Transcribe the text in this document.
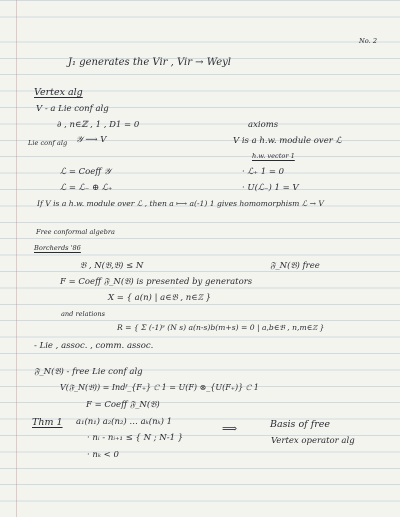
No. 2
J₁ generates the Vir , Vir → Weyl
Vertex alg
V - a Lie conf alg
∂ , n∈ℤ , 1 , D1 = 0	axioms
Lie conf alg 𝒴 ⟶ V	V is a h.w. module over ℒ
h.w. vector 1
ℒ = Coeff 𝒴	· ℒ₊ 1 = 0
ℒ = ℒ₋ ⊕ ℒ₊	· U(ℒ₋) 1 = V
If V is a h.w. module over ℒ , then a ⟼ a(-1) 1 gives homomorphism ℒ → V
Free conformal algebra
Borcherds '86
𝔅 , N(𝔅,𝔅) ≤ N	𝔉_N(𝔅) free
F = Coeff 𝔉_N(𝔅) is presented by generators
X = { a(n) | a∈𝔅 , n∈ℤ }
and relations
R = { Σ (-1)ˢ (N s) a(n-s)b(m+s) = 0 | a,b∈𝔅 , n,m∈ℤ }
- Lie , assoc. , comm. assoc.
𝔉_N(𝔅) - free Lie conf alg
V(𝔉_N(𝔅)) = Indᶠ_{F₊} ℂ 1 = U(F) ⊗_{U(F₊)} ℂ 1
F = Coeff 𝔉_N(𝔅)
Thm 1 a₁(n₁) a₂(n₂) … aₖ(nₖ) 1
· nᵢ - nᵢ₊₁ ≤ { N ; N-1 }
⟹	Basis of free
Vertex operator alg
· nₖ < 0
